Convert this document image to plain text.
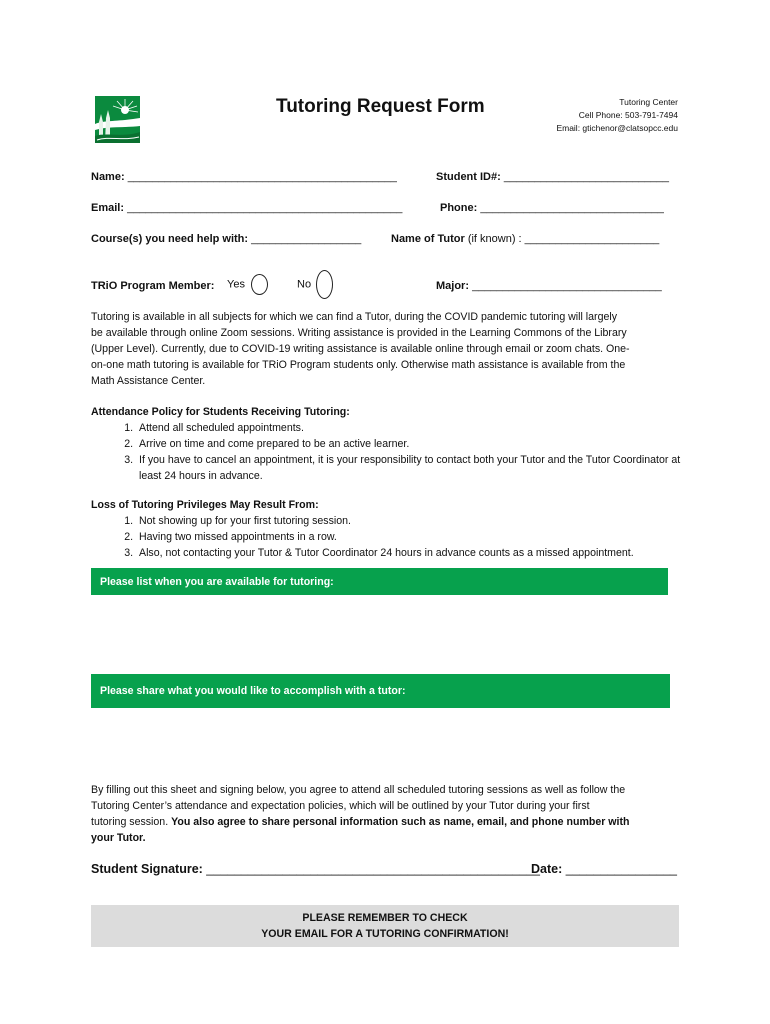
Tutoring Request Form	Tutoring Center
Cell Phone: 503-791-7494
Email: gtichenor@clatsopcc.edu
Name: ____________________________________________	Student ID#: ___________________________
Email: _____________________________________________	Phone: ______________________________
Course(s) you need help with: __________________	Name of Tutor (if known) : ______________________
TRiO Program Member: Yes	No	Major: _______________________________
Tutoring is available in all subjects for which we can find a Tutor, during the COVID pandemic tutoring will largely
be available through online Zoom sessions. Writing assistance is provided in the Learning Commons of the Library
(Upper Level). Currently, due to COVID-19 writing assistance is available online through email or zoom chats. One-
on-one math tutoring is available for TRiO Program students only. Otherwise math assistance is available from the
Math Assistance Center.
Attendance Policy for Students Receiving Tutoring:
1. Attend all scheduled appointments.
2. Arrive on time and come prepared to be an active learner.
3. If you have to cancel an appointment, it is your responsibility to contact both your Tutor and the Tutor Coordinator at least 24 hours in advance.
Loss of Tutoring Privileges May Result From:
1. Not showing up for your first tutoring session.
2. Having two missed appointments in a row.
3. Also, not contacting your Tutor & Tutor Coordinator 24 hours in advance counts as a missed appointment.
Please list when you are available for tutoring:
Please share what you would like to accomplish with a tutor:
By filling out this sheet and signing below, you agree to attend all scheduled tutoring sessions as well as follow the
Tutoring Center’s attendance and expectation policies, which will be outlined by your Tutor during your first
tutoring session. You also agree to share personal information such as name, email, and phone number with
your Tutor.
Student Signature: ________________________________________________
Date: ________________
PLEASE REMEMBER TO CHECK
YOUR EMAIL FOR A TUTORING CONFIRMATION!
